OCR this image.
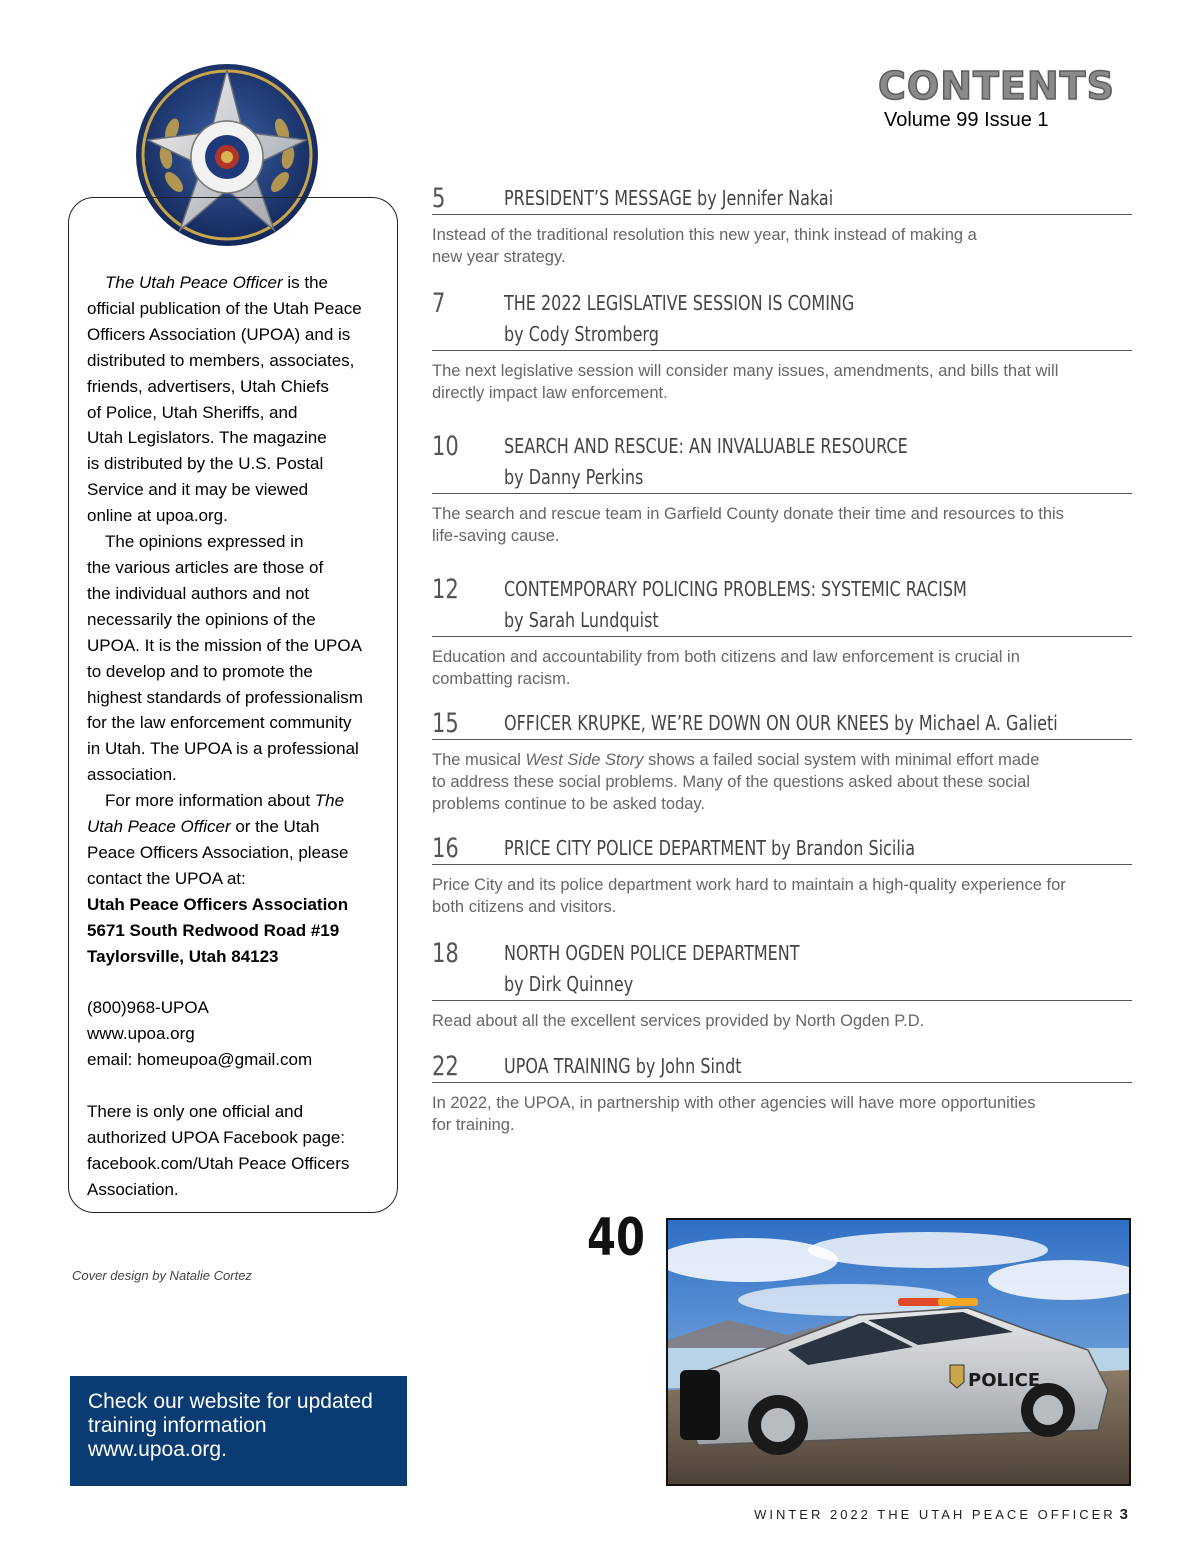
CONTENTS
Volume 99 Issue 1

The Utah Peace Officer is the

official publication of the Utah Peace

Officers Association (UPOA) and is

distributed to members, associates,

friends, advertisers, Utah Chiefs

of Police, Utah Sheriffs, and

Utah Legislators. The magazine

is distributed by the U.S. Postal

Service and it may be viewed

online at upoa.org.

The opinions expressed in

the various articles are those of

the individual authors and not

necessarily the opinions of the

UPOA. It is the mission of the UPOA

to develop and to promote the

highest standards of professionalism

for the law enforcement community

in Utah. The UPOA is a professional

association.

For more information about The

Utah Peace Officer or the Utah

Peace Officers Association, please

contact the UPOA at:

Utah Peace Officers Association

5671 South Redwood Road #19

Taylorsville, Utah 84123

(800)968-UPOA

www.upoa.org

email: homeupoa@gmail.com

There is only one official and

authorized UPOA Facebook page:

facebook.com/Utah Peace Officers

Association.

Cover design by Natalie Cortez
Check our website for updated
training information
www.upoa.org.
5	PRESIDENT’S MESSAGE by Jennifer Nakai
Instead of the traditional resolution this new year, think instead of making a
new year strategy.
7	THE 2022 LEGISLATIVE SESSION IS COMING
by Cody Stromberg
The next legislative session will consider many issues, amendments, and bills that will
directly impact law enforcement.
10 SEARCH AND RESCUE: AN INVALUABLE RESOURCE
by Danny Perkins
The search and rescue team in Garfield County donate their time and resources to this
life-saving cause.
12 CONTEMPORARY POLICING PROBLEMS: SYSTEMIC RACISM
by Sarah Lundquist
Education and accountability from both citizens and law enforcement is crucial in
combatting racism.
15 OFFICER KRUPKE, WE’RE DOWN ON OUR KNEES by Michael A. Galieti
The musical West Side Story shows a failed social system with minimal effort made
to address these social problems. Many of the questions asked about these social
problems continue to be asked today.
16 PRICE CITY POLICE DEPARTMENT by Brandon Sicilia
Price City and its police department work hard to maintain a high-quality experience for
both citizens and visitors.
18 NORTH OGDEN POLICE DEPARTMENT
by Dirk Quinney
Read about all the excellent services provided by North Ogden P.D.
22 UPOA TRAINING by John Sindt
In 2022, the UPOA, in partnership with other agencies will have more opportunities
for training.
40
POLICE
WINTER 2022 THE UTAH PEACE OFFICER 3
